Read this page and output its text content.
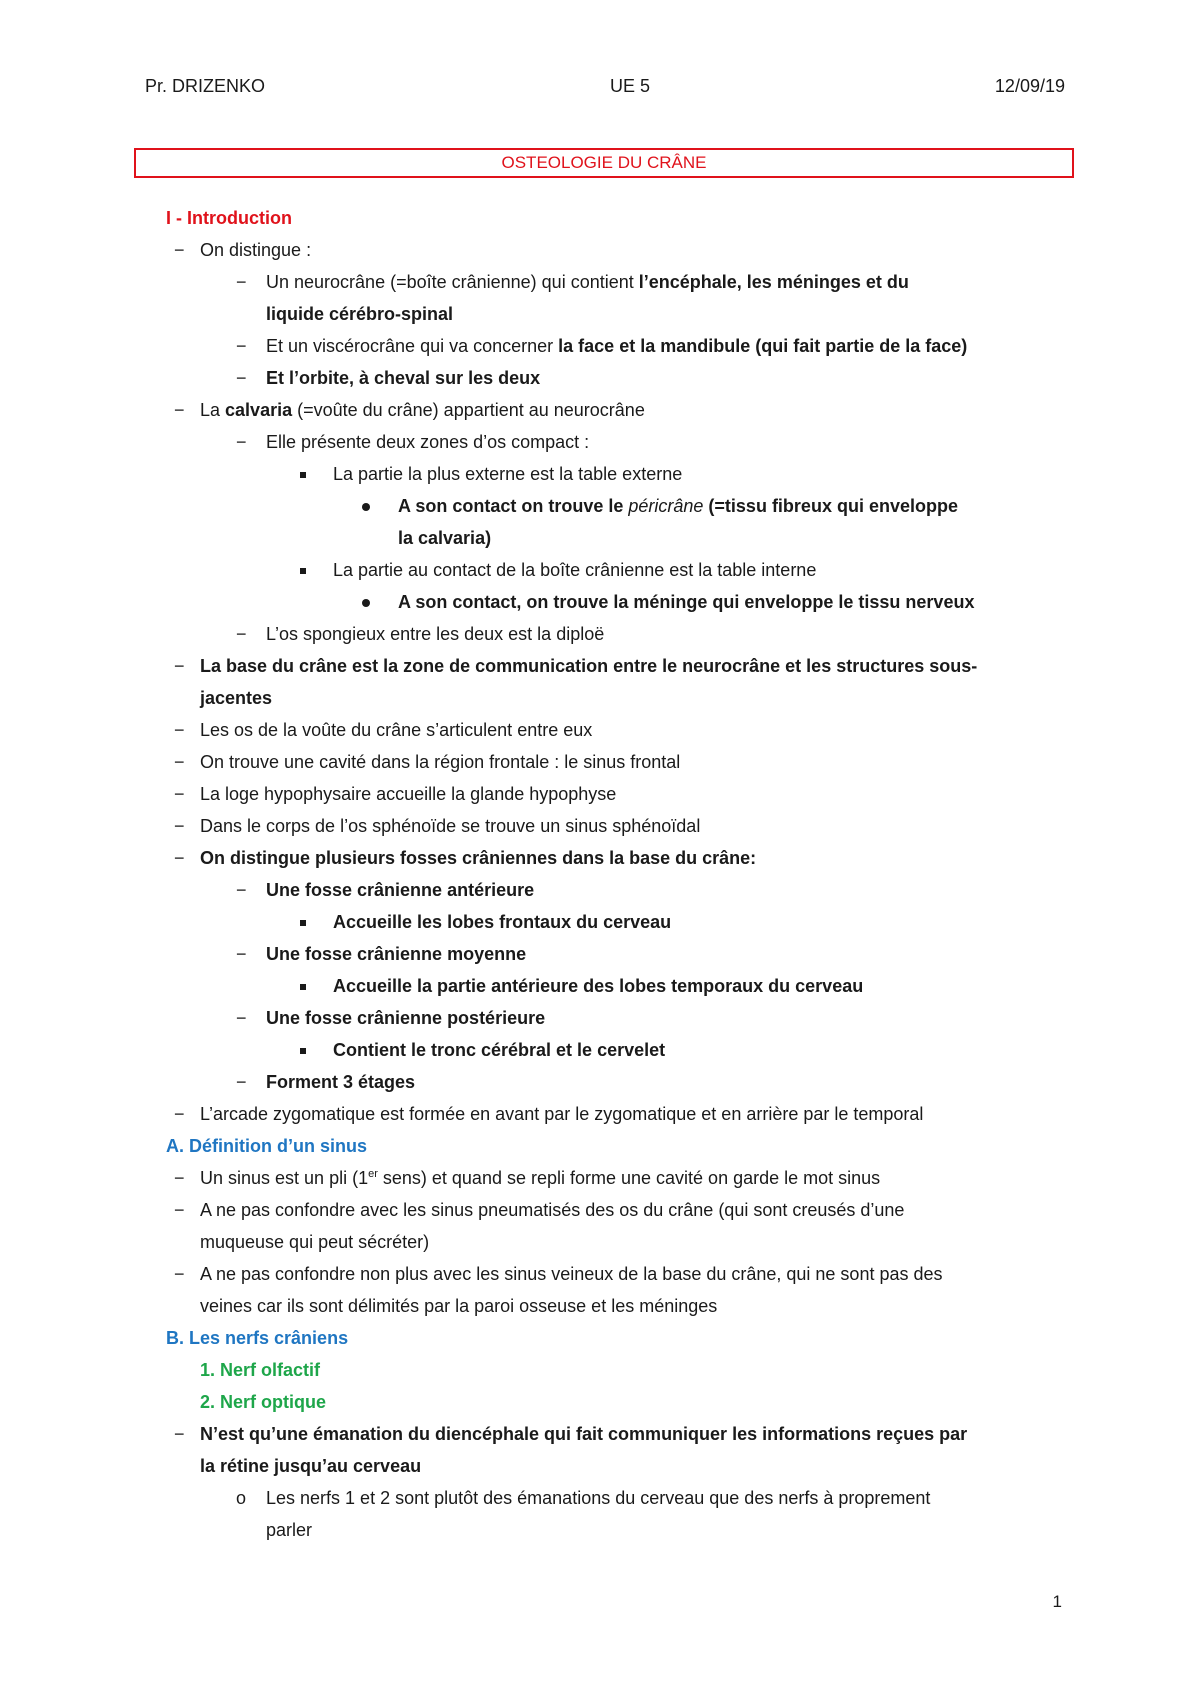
Pr. DRIZENKO	UE 5	12/09/19
OSTEOLOGIE DU CRÂNE
I - Introduction
− On distingue :
− Un neurocrâne (=boîte crânienne) qui contient l’encéphale, les méninges et du
liquide cérébro-spinal
− Et un viscérocrâne qui va concerner la face et la mandibule (qui fait partie de la face)
− Et l’orbite, à cheval sur les deux
− La calvaria (=voûte du crâne) appartient au neurocrâne
− Elle présente deux zones d’os compact :
La partie la plus externe est la table externe
A son contact on trouve le péricrâne (=tissu fibreux qui enveloppe
la calvaria)
La partie au contact de la boîte crânienne est la table interne
A son contact, on trouve la méninge qui enveloppe le tissu nerveux
− L’os spongieux entre les deux est la diploë
− La base du crâne est la zone de communication entre le neurocrâne et les structures sous-
jacentes
− Les os de la voûte du crâne s’articulent entre eux
− On trouve une cavité dans la région frontale : le sinus frontal
− La loge hypophysaire accueille la glande hypophyse
− Dans le corps de l’os sphénoïde se trouve un sinus sphénoïdal
− On distingue plusieurs fosses crâniennes dans la base du crâne:
− Une fosse crânienne antérieure
Accueille les lobes frontaux du cerveau
− Une fosse crânienne moyenne
Accueille la partie antérieure des lobes temporaux du cerveau
− Une fosse crânienne postérieure
Contient le tronc cérébral et le cervelet
− Forment 3 étages
− L’arcade zygomatique est formée en avant par le zygomatique et en arrière par le temporal
A. Définition d’un sinus
− Un sinus est un pli (1er sens) et quand se repli forme une cavité on garde le mot sinus
− A ne pas confondre avec les sinus pneumatisés des os du crâne (qui sont creusés d’une
muqueuse qui peut sécréter)
− A ne pas confondre non plus avec les sinus veineux de la base du crâne, qui ne sont pas des
veines car ils sont délimités par la paroi osseuse et les méninges
B. Les nerfs crâniens
1. Nerf olfactif
2. Nerf optique
− N’est qu’une émanation du diencéphale qui fait communiquer les informations reçues par
la rétine jusqu’au cerveau
o Les nerfs 1 et 2 sont plutôt des émanations du cerveau que des nerfs à proprement
parler
1
